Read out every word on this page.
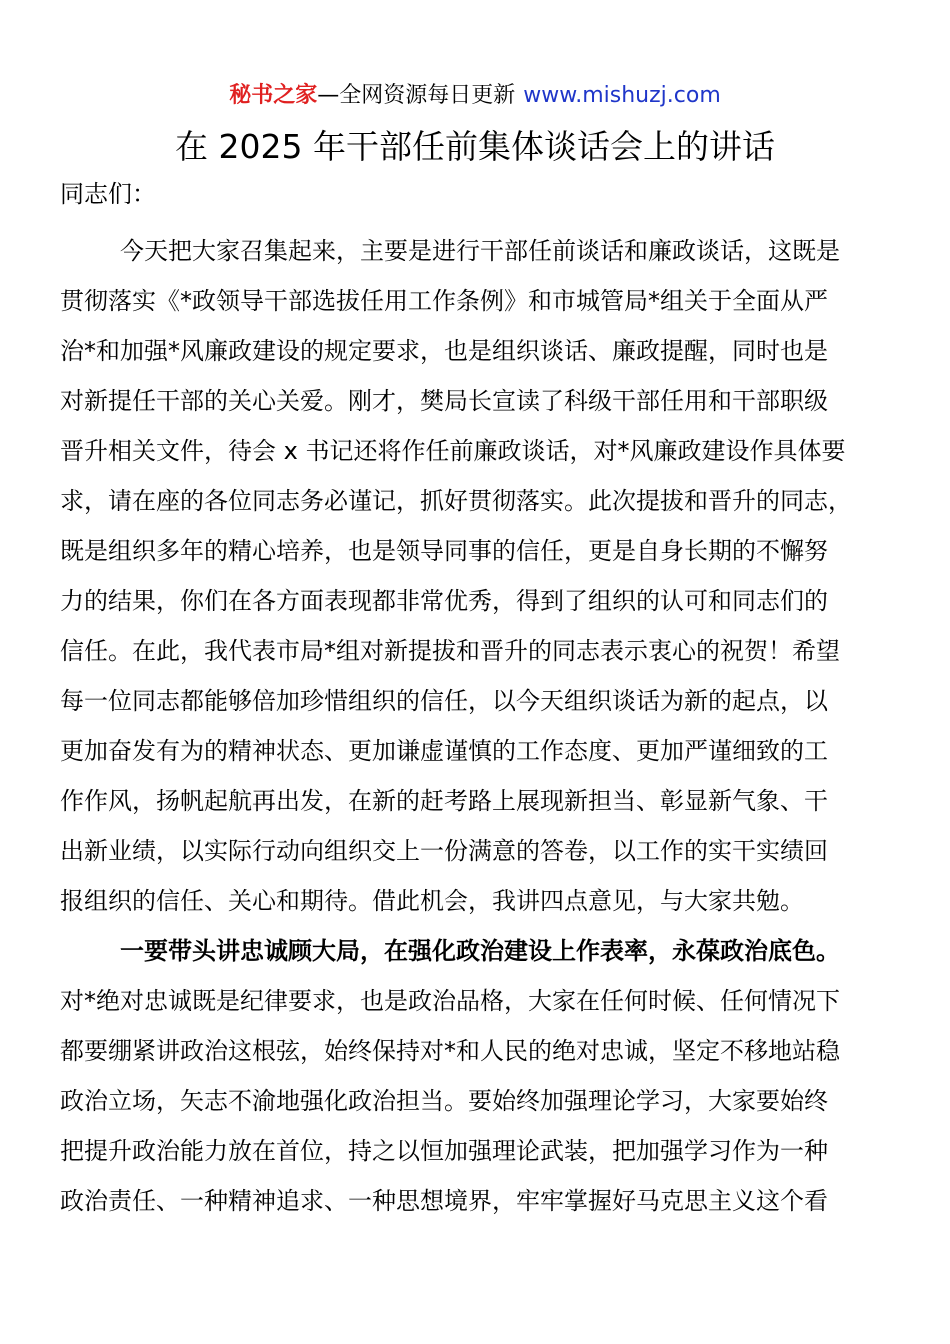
秘书之家—全网资源每日更新 www.mishuzj.com
在 2025 年干部任前集体谈话会上的讲话
同志们：
今天把大家召集起来，主要是进行干部任前谈话和廉政谈话，这既是
贯彻落实《*政领导干部选拔任用工作条例》和市城管局*组关于全面从严
治*和加强*风廉政建设的规定要求，也是组织谈话、廉政提醒，同时也是
对新提任干部的关心关爱。刚才，樊局长宣读了科级干部任用和干部职级
晋升相关文件，待会 x 书记还将作任前廉政谈话，对*风廉政建设作具体要
求，请在座的各位同志务必谨记，抓好贯彻落实。此次提拔和晋升的同志，
既是组织多年的精心培养，也是领导同事的信任，更是自身长期的不懈努
力的结果，你们在各方面表现都非常优秀，得到了组织的认可和同志们的
信任。在此，我代表市局*组对新提拔和晋升的同志表示衷心的祝贺！希望
每一位同志都能够倍加珍惜组织的信任，以今天组织谈话为新的起点，以
更加奋发有为的精神状态、更加谦虚谨慎的工作态度、更加严谨细致的工
作作风，扬帆起航再出发，在新的赶考路上展现新担当、彰显新气象、干
出新业绩，以实际行动向组织交上一份满意的答卷，以工作的实干实绩回
报组织的信任、关心和期待。借此机会，我讲四点意见，与大家共勉。
一要带头讲忠诚顾大局，在强化政治建设上作表率，永葆政治底色。
对*绝对忠诚既是纪律要求，也是政治品格，大家在任何时候、任何情况下
都要绷紧讲政治这根弦，始终保持对*和人民的绝对忠诚，坚定不移地站稳
政治立场，矢志不渝地强化政治担当。要始终加强理论学习，大家要始终
把提升政治能力放在首位，持之以恒加强理论武装，把加强学习作为一种
政治责任、一种精神追求、一种思想境界，牢牢掌握好马克思主义这个看
